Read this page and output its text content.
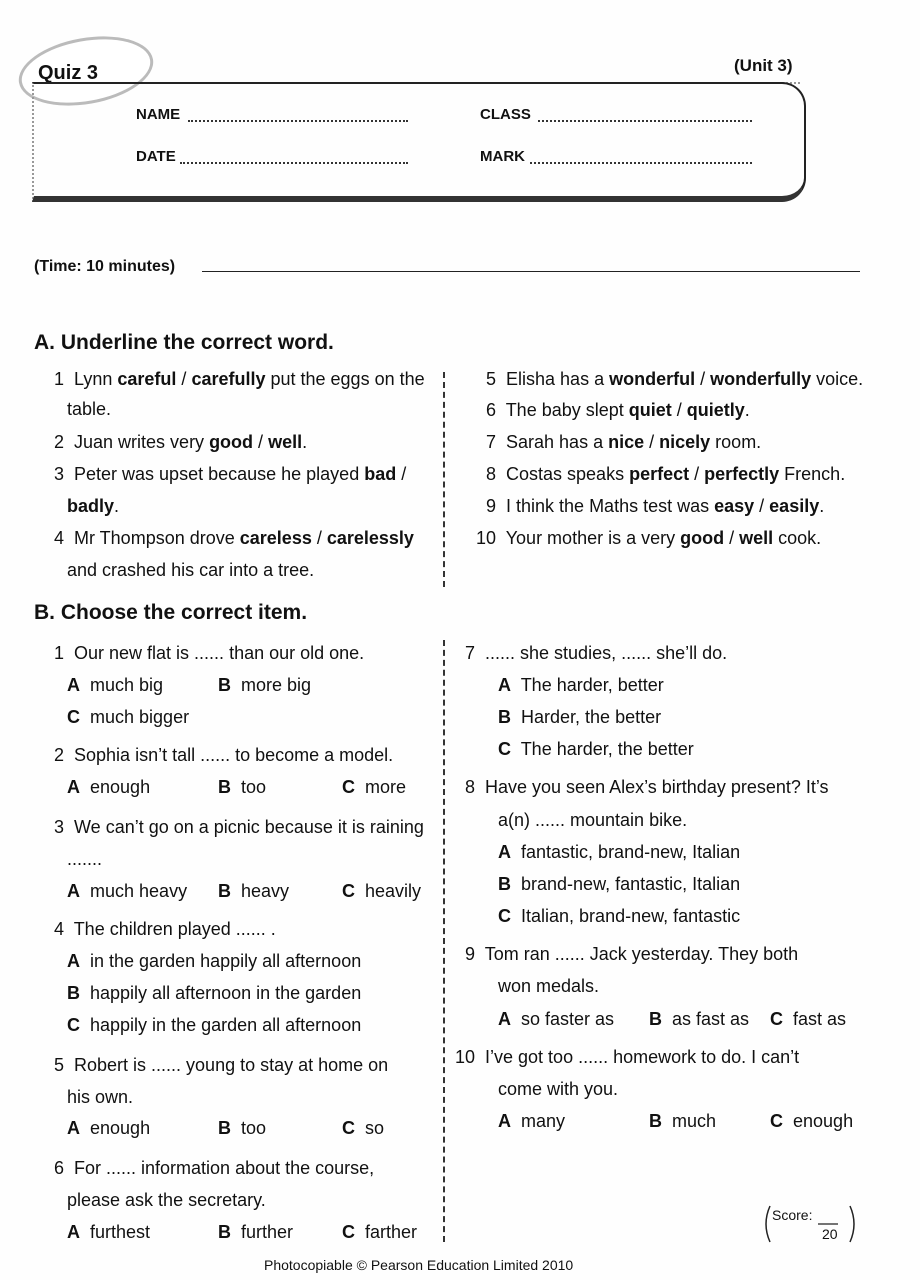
Quiz 3	(Unit 3)
NAME	CLASS
DATE	MARK
(Time: 10 minutes)
A. Underline the correct word.
1 Lynn careful / carefully put the eggs on the
table.
2 Juan writes very good / well.
3 Peter was upset because he played bad /
badly.
4 Mr Thompson drove careless / carelessly
and crashed his car into a tree.
5 Elisha has a wonderful / wonderfully voice.
6 The baby slept quiet / quietly.
7 Sarah has a nice / nicely room.
8 Costas speaks perfect / perfectly French.
9 I think the Maths test was easy / easily.
10 Your mother is a very good / well cook.
B. Choose the correct item.
1 Our new flat is ...... than our old one.
A much big	B more big
C much bigger
2 Sophia isn’t tall ...... to become a model.
A enough	B too	C more
3 We can’t go on a picnic because it is raining
.......
A much heavy B heavy	C heavily
4 The children played ...... .
A in the garden happily all afternoon
B happily all afternoon in the garden
C happily in the garden all afternoon
5 Robert is ...... young to stay at home on
his own.
A enough	B too	C so
6 For ...... information about the course,
please ask the secretary.
A furthest	B further	C farther
7 ...... she studies, ...... she’ll do.
A The harder, better
B Harder, the better
C The harder, the better
8 Have you seen Alex’s birthday present? It’s
a(n) ...... mountain bike.
A fantastic, brand-new, Italian
B brand-new, fantastic, Italian
C Italian, brand-new, fantastic
9 Tom ran ...... Jack yesterday. They both
won medals.
A so faster as B as fast as C fast as
10 I’ve got too ...... homework to do. I can’t
come with you.
A many	B much	C enough
Score:
20
Photocopiable © Pearson Education Limited 2010
